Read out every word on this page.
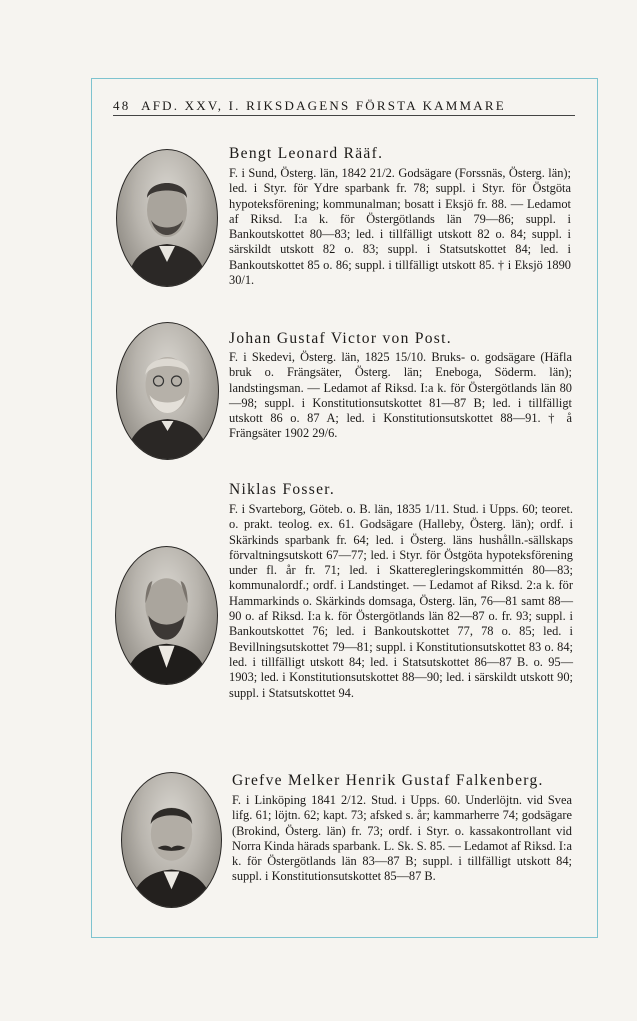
48 AFD. XXV, I. RIKSDAGENS FÖRSTA KAMMARE
Bengt Leonard Rääf.
F. i Sund, Österg. län, 1842 21/2. Godsägare (Forssnäs, Österg. län); led. i Styr. för Ydre sparbank fr. 78; suppl. i Styr. för Östgöta hypoteksförening; kommunalman; bosatt i Eksjö fr. 88. — Ledamot af Riksd. I:a k. för Östergötlands län 79—86; suppl. i Bankoutskottet 80—83; led. i tillfälligt utskott 82 o. 84; suppl. i särskildt utskott 82 o. 83; suppl. i Statsutskottet 84; led. i Bankoutskottet 85 o. 86; suppl. i tillfälligt utskott 85. † i Eksjö 1890 30/1.
Johan Gustaf Victor von Post.
F. i Skedevi, Österg. län, 1825 15/10. Bruks- o. godsägare (Häfla bruk o. Frängsäter, Österg. län; Eneboga, Söderm. län); landstingsman. — Ledamot af Riksd. I:a k. för Östergötlands län 80—98; suppl. i Konstitutionsutskottet 81—87 B; led. i tillfälligt utskott 86 o. 87 A; led. i Konstitutionsutskottet 88—91. † å Frängsäter 1902 29/6.
Niklas Fosser.
F. i Svarteborg, Göteb. o. B. län, 1835 1/11. Stud. i Upps. 60; teoret. o. prakt. teolog. ex. 61. Godsägare (Halleby, Österg. län); ordf. i Skärkinds sparbank fr. 64; led. i Österg. läns hushålln.-sällskaps förvaltningsutskott 67—77; led. i Styr. för Östgöta hypoteksförening under fl. år fr. 71; led. i Skatteregleringskommittén 80—83; kommunalordf.; ordf. i Landstinget. — Ledamot af Riksd. 2:a k. för Hammarkinds o. Skärkinds domsaga, Österg. län, 76—81 samt 88—90 o. af Riksd. I:a k. för Östergötlands län 82—87 o. fr. 93; suppl. i Bankoutskottet 76; led. i Bankoutskottet 77, 78 o. 85; led. i Bevillningsutskottet 79—81; suppl. i Konstitutionsutskottet 83 o. 84; led. i tillfälligt utskott 84; led. i Statsutskottet 86—87 B. o. 95—1903; led. i Konstitutionsutskottet 88—90; led. i särskildt utskott 90; suppl. i Statsutskottet 94.
Grefve Melker Henrik Gustaf Falkenberg.
F. i Linköping 1841 2/12. Stud. i Upps. 60. Underlöjtn. vid Svea lifg. 61; löjtn. 62; kapt. 73; afsked s. år; kammarherre 74; godsägare (Brokind, Österg. län) fr. 73; ordf. i Styr. o. kassakontrollant vid Norra Kinda härads sparbank. L. Sk. S. 85. — Ledamot af Riksd. I:a k. för Östergötlands län 83—87 B; suppl. i tillfälligt utskott 84; suppl. i Konstitutionsutskottet 85—87 B.
